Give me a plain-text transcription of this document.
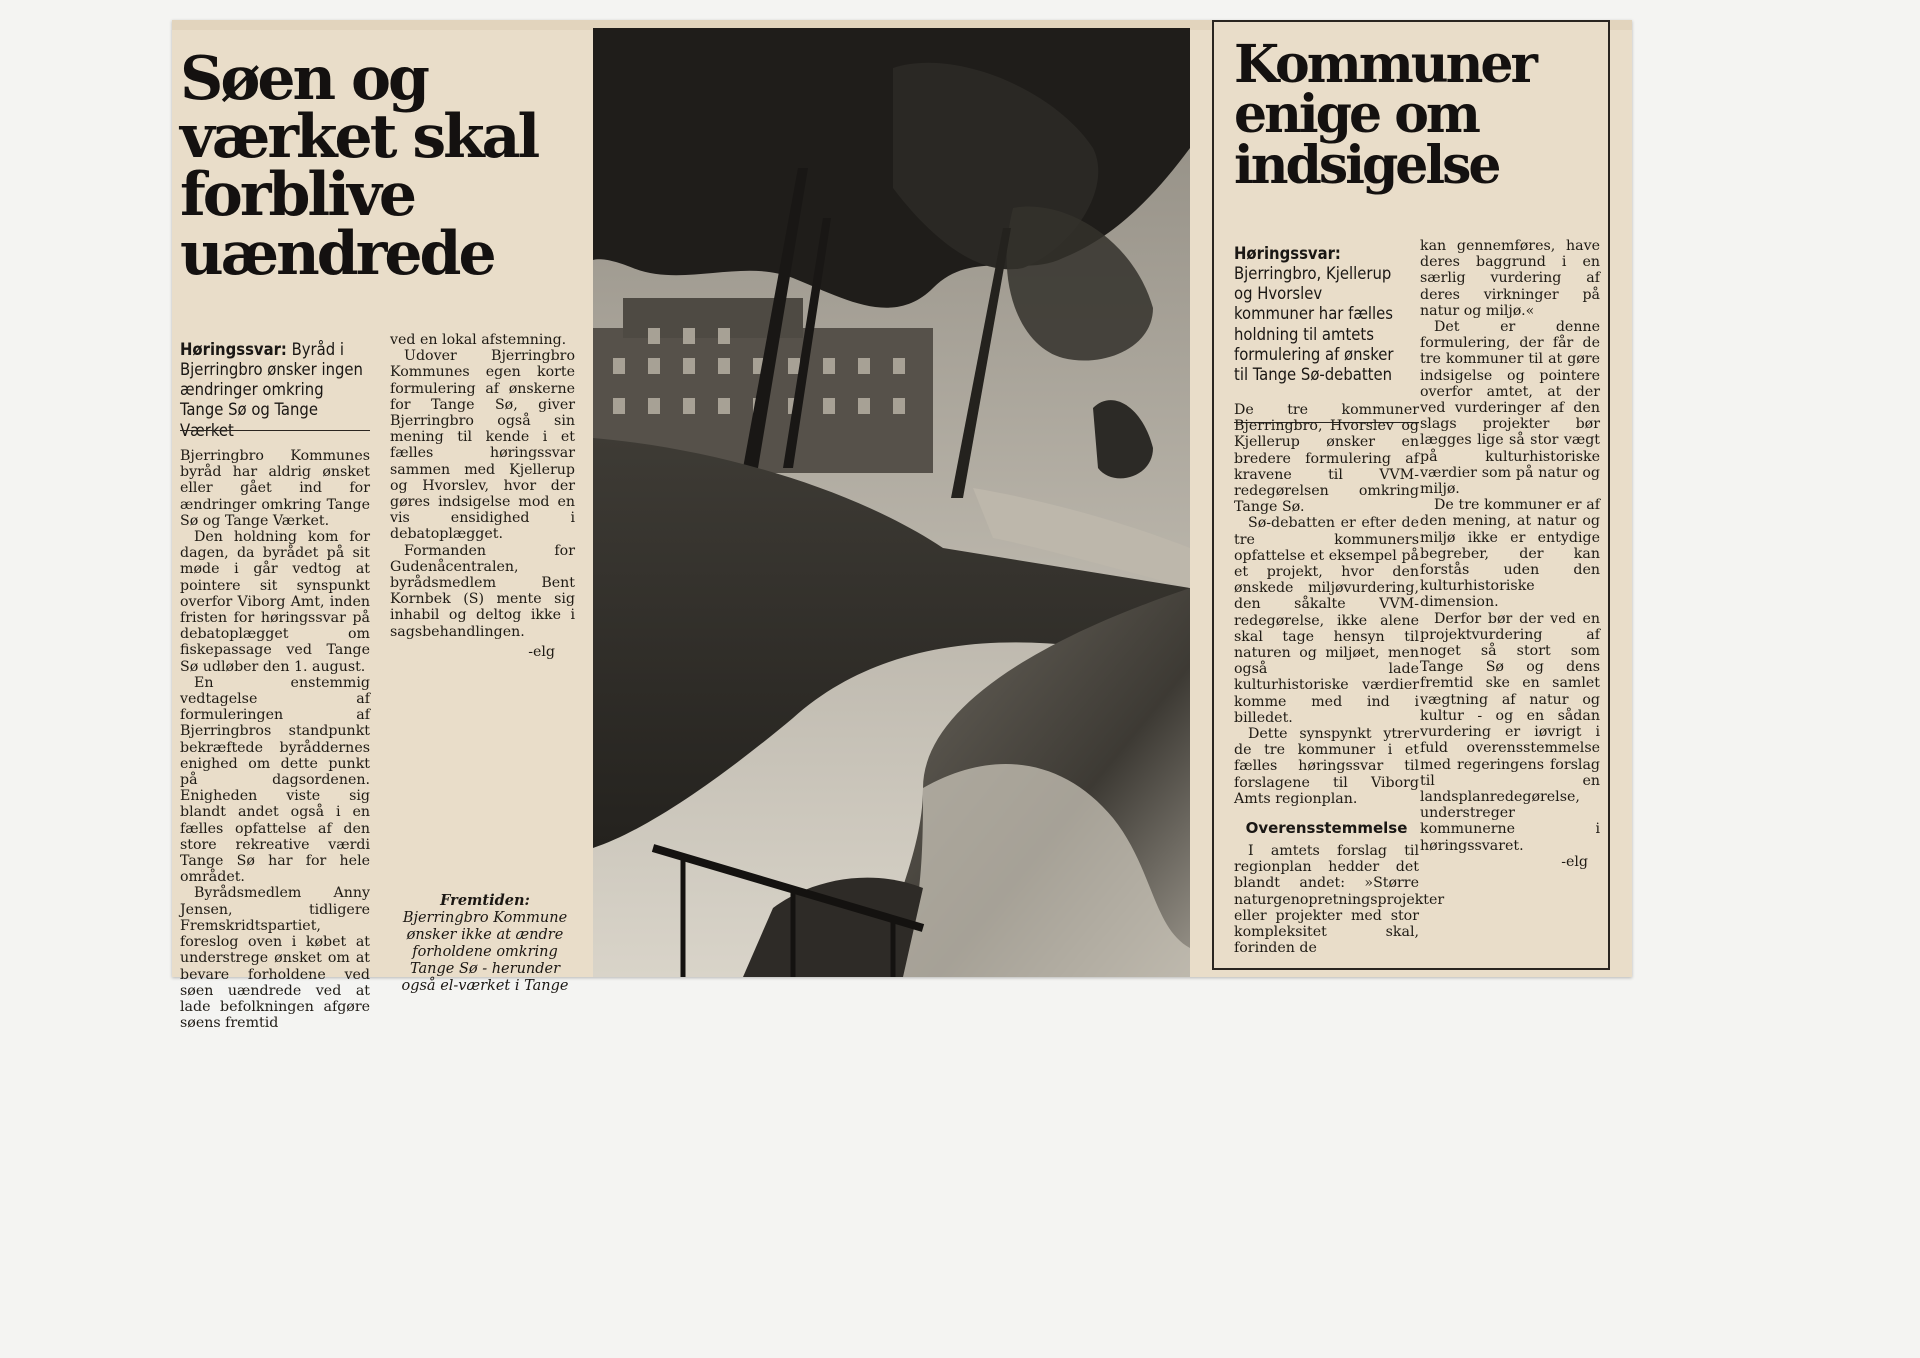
Søen og
værket skal
forblive
uændrede
Høringssvar: Byråd i Bjerringbro ønsker ingen ændringer omkring Tange Sø og Tange Værket

Bjerringbro Kommunes byråd har aldrig ønsket eller gået ind for ændringer omkring Tange Sø og Tange Værket.

Den holdning kom for dagen, da byrådet på sit møde i går vedtog at pointere sit synspunkt overfor Viborg Amt, inden fristen for høringssvar på debatoplægget om fiskepassage ved Tange Sø udløber den 1. august.

En enstemmig vedtagelse af formuleringen af Bjerringbros standpunkt bekræftede byråddernes enighed om dette punkt på dagsordenen. Enigheden viste sig blandt andet også i en fælles opfattelse af den store rekreative værdi Tange Sø har for hele området.

Byrådsmedlem Anny Jensen, tidligere Fremskridtspartiet, foreslog oven i købet at understrege ønsket om at bevare forholdene ved søen uændrede ved at lade befolkningen afgøre søens fremtid

ved en lokal afstemning.

Udover Bjerringbro Kommunes egen korte formulering af ønskerne for Tange Sø, giver Bjerringbro også sin mening til kende i et fælles høringssvar sammen med Kjellerup og Hvorslev, hvor der gøres indsigelse mod en vis ensidighed i debatoplægget.

Formanden for Gudenåcentralen, byrådsmedlem Bent Kornbek (S) mente sig inhabil og deltog ikke i sagsbehandlingen.

-elg
Fremtiden: Bjerringbro Kommune ønsker ikke at ændre forholdene omkring Tange Sø - herunder også el-værket i Tange
Kommuner
enige om
indsigelse
Høringssvar:
Bjerringbro, Kjellerup og Hvorslev kommuner har fælles holdning til amtets formulering af ønsker til Tange Sø-debatten

De tre kommuner Bjerringbro, Hvorslev og Kjellerup ønsker en bredere formulering af kravene til VVM-redegørelsen omkring Tange Sø.

Sø-debatten er efter de tre kommuners opfattelse et eksempel på et projekt, hvor den ønskede miljøvurdering, den såkalte VVM-redegørelse, ikke alene skal tage hensyn til naturen og miljøet, men også lade kulturhistoriske værdier komme med ind i billedet.

Dette synspynkt ytrer de tre kommuner i et fælles høringssvar til forslagene til Viborg Amts regionplan.

Overensstemmelse

I amtets forslag til regionplan hedder det blandt andet: »Større naturgenopretningsprojekter eller projekter med stor kompleksitet skal, forinden de

kan gennemføres, have deres baggrund i en særlig vurdering af deres virkninger på natur og miljø.«

Det er denne formulering, der får de tre kommuner til at gøre indsigelse og pointere overfor amtet, at der ved vurderinger af den slags projekter bør lægges lige så stor vægt på kulturhistoriske værdier som på natur og miljø.

De tre kommuner er af den mening, at natur og miljø ikke er entydige begreber, der kan forstås uden den kulturhistoriske dimension.

Derfor bør der ved en projektvurdering af noget så stort som Tange Sø og dens fremtid ske en samlet vægtning af natur og kultur - og en sådan vurdering er iøvrigt i fuld overensstemmelse med regeringens forslag til en landsplanredegørelse, understreger kommunerne i høringssvaret.

-elg
